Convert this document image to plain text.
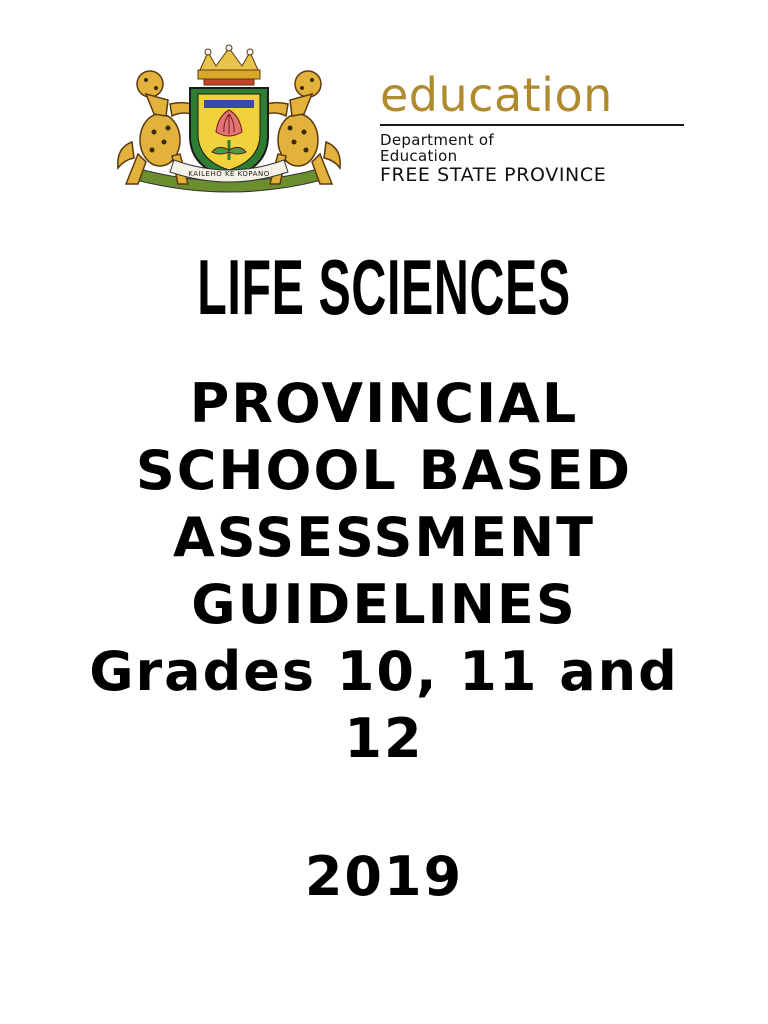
KAILEHO KE KOPANO
education
Department of
Education
FREE STATE PROVINCE
LIFE SCIENCES
PROVINCIAL
SCHOOL BASED
ASSESSMENT
GUIDELINES
Grades 10, 11 and
12
2019
